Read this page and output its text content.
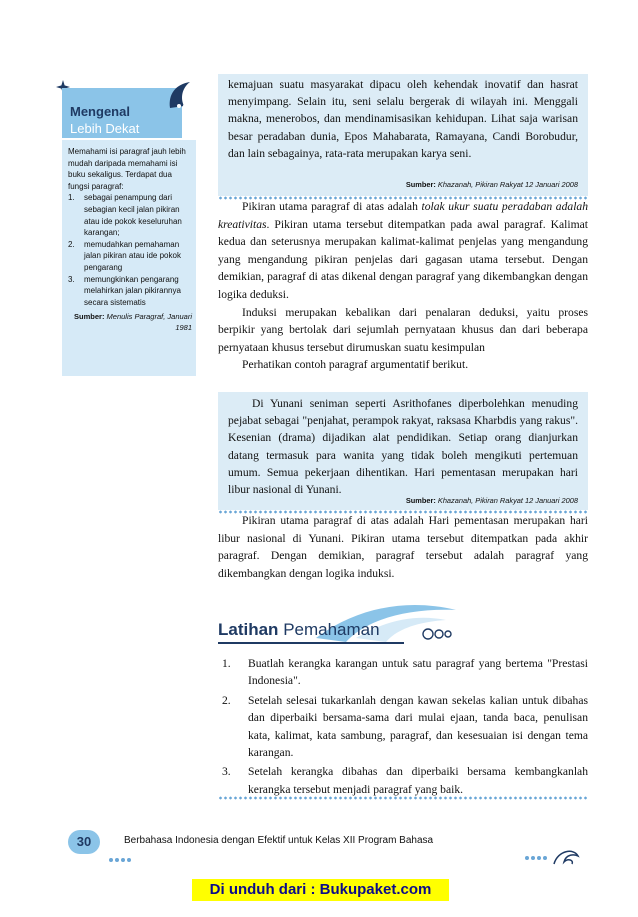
Mengenal
Lebih Dekat
Memahami isi paragraf jauh lebih mudah daripada memahami isi buku sekaligus. Terdapat dua fungsi paragraf:
1. sebagai penampung dari sebagian kecil jalan pikiran atau ide pokok keseluruhan karangan;
2. memudahkan pemahaman jalan pikiran atau ide pokok pengarang
3. memungkinkan pengarang melahirkan jalan pikirannya secara sistematis
Sumber: Menulis Paragraf, Januari 1981
kemajuan suatu masyarakat dipacu oleh kehendak inovatif dan hasrat menyimpang. Selain itu, seni selalu bergerak di wilayah ini. Menggali makna, menerobos, dan mendinamisasikan kehidupan. Lihat saja warisan besar peradaban dunia, Epos Mahabarata, Ramayana, Candi Borobudur, dan lain sebagainya, rata-rata merupakan karya seni.
Sumber: Khazanah, Pikiran Rakyat 12 Januari 2008

Pikiran utama paragraf di atas adalah tolak ukur suatu peradaban adalah kreativitas. Pikiran utama tersebut ditempatkan pada awal paragraf. Kalimat kedua dan seterusnya merupakan kalimat-kalimat penjelas yang mengandung yang mengandung pikiran penjelas dari gagasan utama tersebut. Dengan demikian, paragraf di atas dikenal dengan paragraf yang dikembangkan dengan logika deduksi.

Induksi merupakan kebalikan dari penalaran deduksi, yaitu proses berpikir yang bertolak dari sejumlah pernyataan khusus dan dari beberapa pernyataan khusus tersebut dirumuskan suatu kesimpulan

Perhatikan contoh paragraf argumentatif berikut.

Di Yunani seniman seperti Asrithofanes diperbolehkan menuding pejabat sebagai "penjahat, perampok rakyat, raksasa Kharbdis yang rakus". Kesenian (drama) dijadikan alat pendidikan. Setiap orang dianjurkan datang termasuk para wanita yang tidak boleh mengikuti pertemuan umum. Semua pekerjaan dihentikan. Hari pementasan merupakan hari libur nasional di Yunani.
Sumber: Khazanah, Pikiran Rakyat 12 Januari 2008

Pikiran utama paragraf di atas adalah Hari pementasan merupakan hari libur nasional di Yunani. Pikiran utama tersebut ditempatkan pada akhir paragraf. Dengan demikian, paragraf tersebut adalah paragraf yang dikembangkan dengan logika induksi.

Latihan Pemahaman
1. Buatlah kerangka karangan untuk satu paragraf yang bertema "Prestasi Indonesia".
2. Setelah selesai tukarkanlah dengan kawan sekelas kalian untuk dibahas dan diperbaiki bersama-sama dari mulai ejaan, tanda baca, penulisan kata, kalimat, kata sambung, paragraf, dan kesesuaian isi dengan tema karangan.
3. Setelah kerangka dibahas dan diperbaiki bersama kembangkanlah kerangka tersebut menjadi paragraf yang baik.
30	Berbahasa Indonesia dengan Efektif untuk Kelas XII Program Bahasa
Di unduh dari : Bukupaket.com
